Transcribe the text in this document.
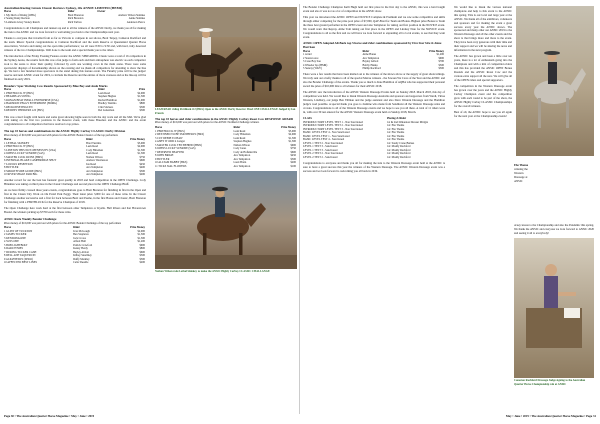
Australian Racing Greats Classic Reviews Sydney, Ok ANNIE LIMITED (HEMI)
Horse	Rider	Owner
1 My Duch of Rising (OHG)	Brett Brereton	Andrew Wilson Stahnke
2 Seeing Rusty Reckon	Rich Brereton	Annie Stahnke
3 Lamberts Glory Stoney Ranch	Rich Tarlton	Anderson Pierce

Congratulations to all Champions and runners up and to all the winners of the ANSIC Derby, we thank you all for making the trek to the ANSIC and we look forward to welcoming you back to the Championships next year.

Thanks to everyone that travelled from as far as Victoria to compete in our shows, Brett Tarpey, Cameron Rachford and the team. Rikon: Special congratulations to Cameron Rachford and the team Reserve at Queensland Quarter Horse Association, Victoria and taking out the open time performance; we all were 8:30 to 9:30 and, with hard, truly deserved winners of the two Championships. Well done to the team and a special thank you to the riders.

The introduction of the Friday Evening Feature events: the ANSIC SPREADING Classic were a total of 16 competitors in the Sydney Arena, the results from this was a fun judge to form each and their atmosphere was electric as each competitor took to the arena to show their quality, followed by each one working cows in the main arena. There were some spectacular displays of horsemanship shown on the evening and we thank all competitors for attending to show the line up. We had a few hundred more spectators in the stand during this feature event. The Futurity prize will be the judges' reserve and next ANSIC event for 2019, to include the Reserve and the entries of more overseas and as the line-up will be finalised in early 2019.

Breeders' Spec Working Cow Results Sponsored by Blue Bay and Aude Marks
Horse	Rider	Prize
1 PERTHLUCK JY (HKS)	Leah Read	$2,000
2 BEAMPLAS SWING	Stephen Hughes	$1,500
3 RONAN BEAT INFALL ENTERPRISE (USA)	Rachel Hamilton	$1,000
4 HARSDON PEGGY ENTERPRISE (HOMG)	Bradley Tustimo	$800
5 RECKONSETINGLYN	Clint Stickers	$500
6 REDDYS THINKERS 4-N (FRS)	Del Lutterman	$300

This was a hard fought with hearts and some great showing highs seen in both the day work and all the Mid. We're glad with taking on the first two positions in the Reserve event, with these Breeders and the ANSIC and the event congratulations to all competitors that have received a top prizes.

The top 10 horses and combinations in the ANSIC Highly Carbay CLASSIC Derby Division
Prize money of $10,000 was paid out with prizes for the ANSIC Bonus Classics of the top performers
Horse	Rider	Prize Money
1 LETHAL SKINKEY	Brad Tustimo	$3,000
2 PERTHLUCK JY (HKS)	Leah Read	$2,000
3 LINETON THIS NOT OPENESSITY (USA)	Cody Hitteman	$1,500
4 JOHNS LUCKY SUNRISE (SAS)	Leah Read	$1,300
5 MASTER LUCK RUINS (HMS)	Nathan Wilson	$750
6 INTERNAL BLAKE CAMPBRIDGE SHUT	Andrew Wastlesson	$600
7 LOUCKS RESEPTION	Ian Read	$450
8 BUTTLER	Ava Templeton	$400
9 SMOOTH SIDE GUIDE (HKS)	Ava Templeton	$300
10 RIVER SHALE PAIR BIG	Ava Templeton	$200

Another record for our the best has fantastic great quality in 2018 and hard competition in the OPEN Challenge. Cody Hitteman was taking on third place in the Classic Challenge and second place in the OPEN Challenge Bluff.

As we have firmly crossed three years events, congratulations goes to Brett Brereton for finishing in first in the Open and first in the Classic Dry Work on Ok Ponid Park Peggy. Their latest prize 3,000 for one of these wins. In the Classic Challenge another successive and a first for back between Brett and Peeme, in the first Bonus and Classic, Brett Brereton for finishing with a PERTHLUCK for the Reserve Champion of 2018.

The Open Challenge here work hard at the first between other Templeton or Kyalla. Hall Rivers and Kat Haverstown Bound. the winners picking up $7700 each for these wins.

ANSIC Rock Weekly Bonder Challenge
Prize money of $10,000 was paid out with prizes for the ANSIC Bonder Challenge of the top performers
Horse	Rider	Prize Money
1 GLINT OF TUCKTON	Ivan McGough	$2,000
2 JAMES TUCKER	Ben Stapleton	$1,500
3 KENDONALINE	Jack Crowe	$1,300
4 SUSS ONE	Alfred Hull	$1,200
5 BOB LIGHTBOLT	Patrick Crawford	$900
6 DARLTYNIES	Kenny Henly	$800
7 DURING TUCKER CASH	Bayley Abbott	$600
8 DELL ANE TAQUERCIN	Kilbey Snarmley	$500
9 ALIGHTEDLY (ZERO)	Duffy Merkley	$300
10 AFFECTED BEST LINES	Celia Sheedle	$200
LEAH READ riding Perthluck OJ (HKS) Open to the ANSIC Derby Reserve: Bred ONE CHALLENGE Judged by Ian Francis
The top 10 horses and rider combinations in the ANSIC Highly Carbay Roast Cow RESPONSE AWARD
Prize money of $10,000 was paid out with prizes for the ANSIC Northern Challenge winners
Horse	Rider	Prize Money
1 PERTHLUCK JY (HKS)	Leah Read	$3,000
2 DESTINED TO BE SMOTHERLY (HKS)	Cody Hitteman	$2,000
3 CUT DEBIE TO HAW	Leah Read	$1,500
4 ASHY IT ODD 4 Lunger	Stephen Hughes	$1,300
5 MASTER LUCK TEN BEHIND (HMS)	Nathan Wilson	$900
6 JOHNS LUCKY SUNRISE (SAS)	Cody Jones	$750
7 RESERVED SHAFTER	Cody de Hofkinsville	$600
8 JOHN BRIGH	Ava Templeton	$450
9 BUTTLER	Ava Templeton	$300
10 ALLTAM BABBY (HKS)	Lauri Brain	$200
11 TICKS SIAL FLOWERS	Ava Templeton	$100
Nathan Wilson rode Lethal Skinkey to make the ANSIC Highly Carbay CLASSIC CHALLANGE

The Bonder Challenge Champion Kelli Hugh held out first place in the first day to the ANSIC, this was a hard fought event and also it was not as a lot of competition in the ANSIC show.

This year we introduced the ANSIC OPEN and NOVICE Complete & Premium and we saw some competitive and skills through either competing for the prize pool prize of $7,000, QAP-Bred for Team and Bonus. Highest prize Bonus to Team the three best ground performer in the OPEN event and also Templeton for taking out first position in the NOVICE event. We would warn that Repray. Aime Tom taking out first place in the OPEN and Lindsay Nate for the NOVICE event. Congratulations to all as the first and we will have we look forward to expanding all to local events, to see that they want event.

ANSIC OPEN Adopted All-Back top 5 horse and rider combinations sponsored by Five Star Sire & Aime Harrison
Horse	Rider	Prize Money
1 Arriel	Aime Hanes	$1,200
2 Stanton Ace	Ava Templeton	$900
3 Cone Bay Sue	Bayley Abbott	$700
4 Wheeler Iqa (HMR)	Bobby Hanka	$500
5 Sunray (WKY)	Phillip Rachford	$300

There were a few results that have been mailed out to the winners of the shows above or the supply of great shortcomings. We truly sent out a hefty thanks to all of the special Maxxe winners - the Sawsen Wa Cross of the Year and the ANSIC and also the Bonder Challenge of the events. Thank you so much to Kate Hamilton of AQHA who has supported their personal award the prize of $10,000 this to all winners for their ANSIC 2018.

The ANSIC saw the introduction of the ANSIC Western Dressage Events held on Sunday 2018. March 2018, this day of competition was held. We would like to thank Western Dressage Australia and sponsors and supporters from Wardi, Virtue Western, Lindbury, our judge Ben Tillman and the judge assistant and also Dave Western Dressage and the Hamilton judge's road possible. A special thank you goes to Jasmine who made from Sandhurst all the Western Dressage reins and crowns. Congratulations to all of the Western Dressage events and we hope to see you all there. A total of 11 riders were in, with over 39 test entered for the ANSIC Western Dressage event held on Sunday 2018, March.

CLASS	Placing & Rider
INTRODUCTORY LEVEL TEST 1 - Non Sanctioned	1st & 2nd: Rhiannon Dresser Mirigia
INTRODUCTORY LEVEL TEST 2 - Non Sanctioned	1st: Ebe Theme
INTRODUCTORY LEVEL TEST 3 - Non Sanctioned	1st: Ebe Theme
BASIC LEVEL TEST 4 - Non Sanctioned	1st: Ebe Theme
BASIC LEVEL TEST 1 - Non Sanctioned	1st: Ebe Theme
BASIC LEVEL TEST 4 - Sanctioned	1st: Ebe Theme
LEVEL 1 TEST 2 - Non Sanctioned	1st: Sandy Crane Burkes
LEVEL 1 TEST 3 - Sanctioned	1st: Maddy Rachford
LEVEL 1 TEST 3 - Sanctioned	1st: Maddy Rachford
LEVEL 2 TEST 2 - Non Sanctioned	1st: Maddy Rachford
LEVEL 2 TEST 2 - Sanctioned	1st: Maddy Rachford

Congratulations to everyone and thank you all for making the trek to the Western Dressage event held at the ANSIC is sure to have a great success this year the winners of the Western Dressage. The ANSIC Western Dressage event was a success and we look forward to welcoming you all back in 2019.

We would like to thank the various national champions and help to this event to the ANSIC this spring. This is our local and large year at the ANSIC. We thank all of the exhibitors, volunteers and sponsors and for making the event a great success every year the ANSIC shows. The sponsored and many other our ANSIC 2019 to the Western Dressage and all the other events and the show is that brings more and more to the event. They have been very generous with their time and their support and we will be sharing the news and information in the next program.

The ANSIC has grown and been a little over ten years, there is a lot of enthusiasm going into the Champions and with a mix of competition riders and this has provided the ANSIC OPEN Bonus Rounds and the ANSIC Roast Cow and the various extra support all the new. We will give all of the OPEN riders and special supporters.

The competition in the Western Dressage event has grown over the years and the ANSIC Highly Carbay Champion event and the competition grew with each round to be part of the show, the ANSIC Highly Carbay CLASSIC Championships for the overall winners.

Best of all, the ANSIC hope to see you all again for the next year at the Championship events!

Ebe Theme
winning the
Western
Dressage at
ANSIC

A key lesson to the Championship and also the Pandemic this spring. We thank the ANSIC and everyone we look forward to ANSIC 2020 and seeing it all to everybody!

Cameron Rachford Dressage Judge signing to the Australian Quarter Horse Championship win at ANSIC
Page 30 • The Australian Quarter Horse Magazine • May • June • 2019	May • June • 2019 • The Australian Quarter Horse Magazine • Page 31
